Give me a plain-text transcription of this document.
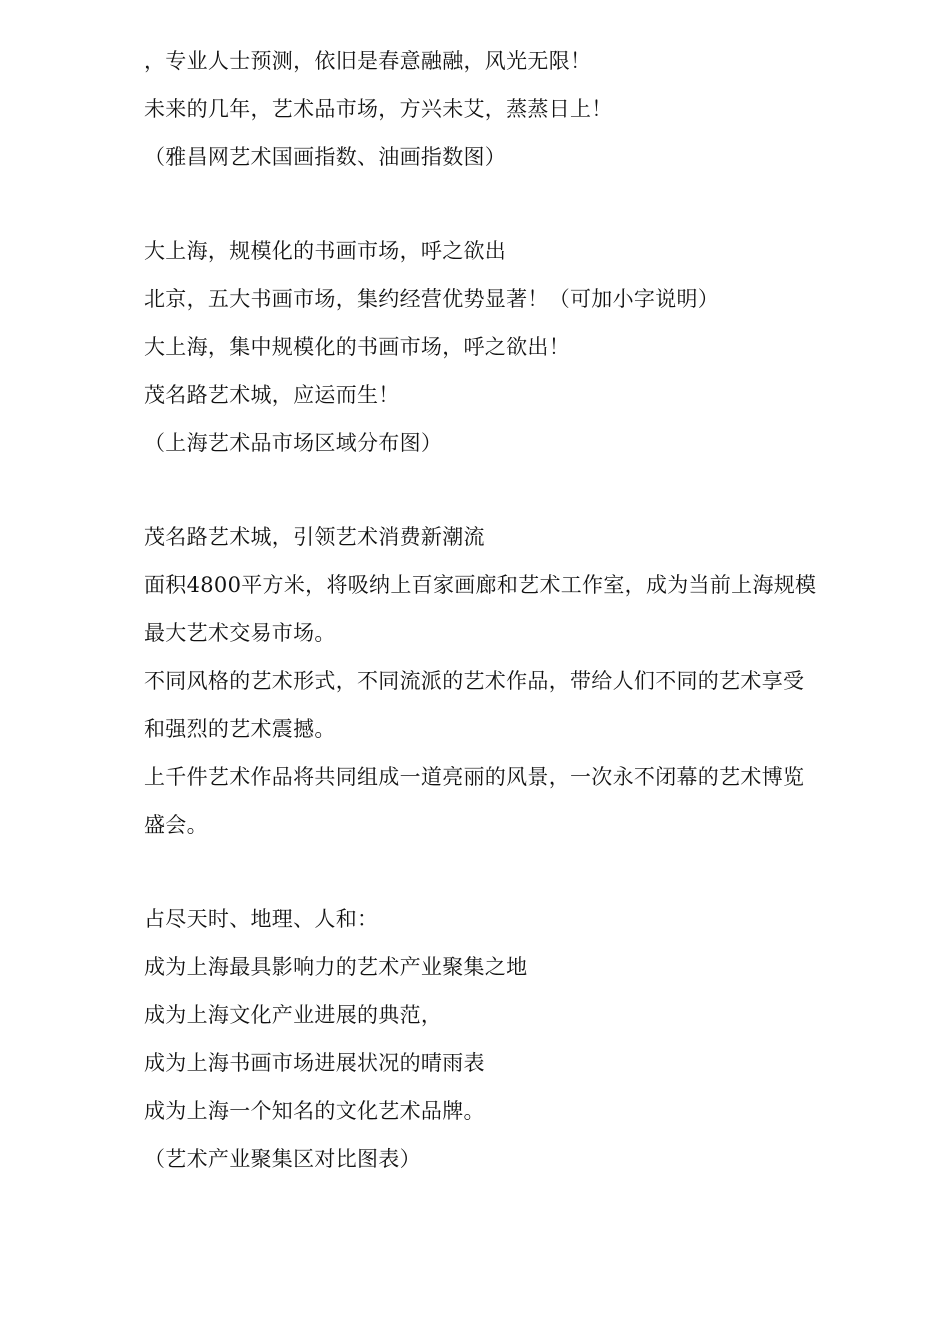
，专业人士预测，依旧是春意融融，风光无限！
未来的几年，艺术品市场，方兴未艾，蒸蒸日上！
（雅昌网艺术国画指数、油画指数图）
大上海，规模化的书画市场，呼之欲出
北京，五大书画市场，集约经营优势显著！（可加小字说明）
大上海，集中规模化的书画市场，呼之欲出！
茂名路艺术城，应运而生！
（上海艺术品市场区域分布图）
茂名路艺术城，引领艺术消费新潮流
面积4800平方米，将吸纳上百家画廊和艺术工作室，成为当前上海规模
最大艺术交易市场。
不同风格的艺术形式，不同流派的艺术作品，带给人们不同的艺术享受
和强烈的艺术震撼。
上千件艺术作品将共同组成一道亮丽的风景，一次永不闭幕的艺术博览
盛会。
占尽天时、地理、人和：
成为上海最具影响力的艺术产业聚集之地
成为上海文化产业进展的典范，
成为上海书画市场进展状况的晴雨表
成为上海一个知名的文化艺术品牌。
（艺术产业聚集区对比图表）
